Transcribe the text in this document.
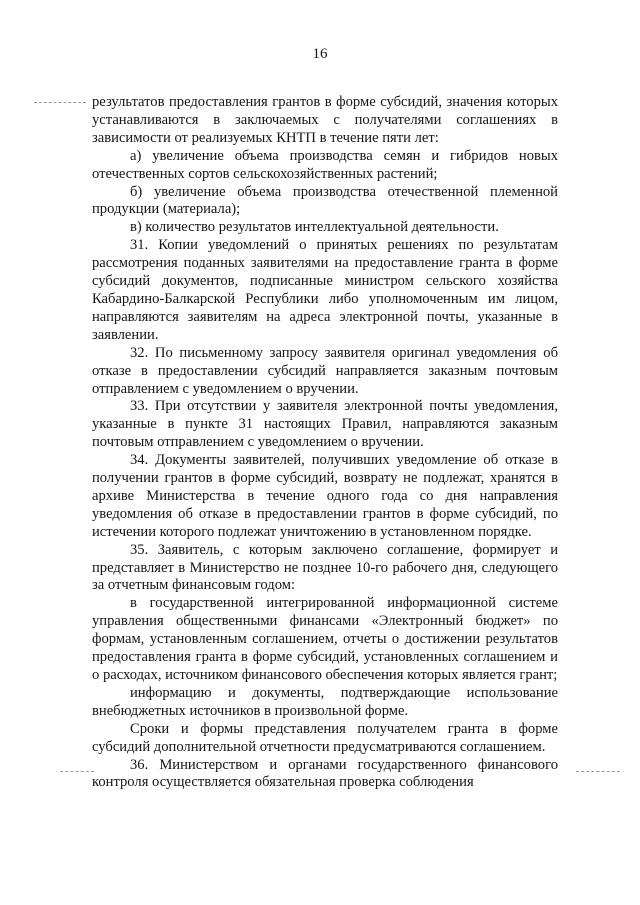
16

результатов предоставления грантов в форме субсидий, значения которых устанавливаются в заключаемых с получателями соглашениях в зависимости от реализуемых КНТП в течение пяти лет:

а) увеличение объема производства семян и гибридов новых отечественных сортов сельскохозяйственных растений;

б) увеличение объема производства отечественной племенной продукции (материала);

в) количество результатов интеллектуальной деятельности.

31. Копии уведомлений о принятых решениях по результатам рассмотрения поданных заявителями на предоставление гранта в форме субсидий документов, подписанные министром сельского хозяйства Кабардино-Балкарской Республики либо уполномоченным им лицом, направляются заявителям на адреса электронной почты, указанные в заявлении.

32. По письменному запросу заявителя оригинал уведомления об отказе в предоставлении субсидий направляется заказным почтовым отправлением с уведомлением о вручении.

33. При отсутствии у заявителя электронной почты уведомления, указанные в пункте 31 настоящих Правил, направляются заказным почтовым отправлением с уведомлением о вручении.

34. Документы заявителей, получивших уведомление об отказе в получении грантов в форме субсидий, возврату не подлежат, хранятся в архиве Министерства в течение одного года со дня направления уведомления об отказе в предоставлении грантов в форме субсидий, по истечении которого подлежат уничтожению в установленном порядке.

35. Заявитель, с которым заключено соглашение, формирует и представляет в Министерство не позднее 10-го рабочего дня, следующего за отчетным финансовым годом:

в государственной интегрированной информационной системе управления общественными финансами «Электронный бюджет» по формам, установленным соглашением, отчеты о достижении результатов предоставления гранта в форме субсидий, установленных соглашением и о расходах, источником финансового обеспечения которых является грант;

информацию и документы, подтверждающие использование внебюджетных источников в произвольной форме.

Сроки и формы представления получателем гранта в форме субсидий дополнительной отчетности предусматриваются соглашением.

36. Министерством и органами государственного финансового контроля осуществляется обязательная проверка соблюдения
